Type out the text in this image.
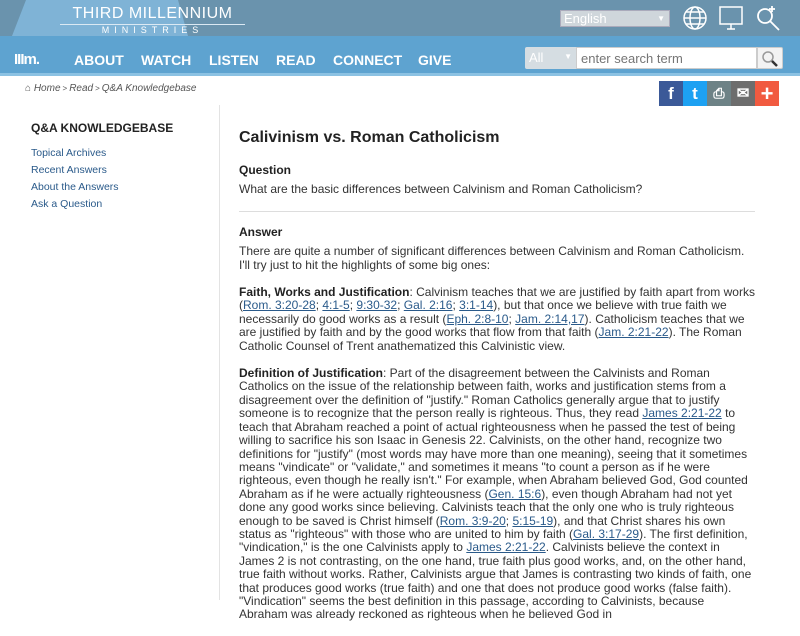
THIRD MILLENNIUM
MINISTRIES
English	▼
IIIm. ABOUT WATCH LISTEN READ CONNECT GIVE	All	▼
enter search term
⌂ Home > Read > Q&A Knowledgebase	f	t	⎙ ✉ +
Q&A KNOWLEDGEBASE
Topical Archives
Recent Answers
About the Answers
Ask a Question
Calivinism vs. Roman Catholicism
Question
What are the basic differences between Calvinism and Roman Catholicism?
Answer
There are quite a number of significant differences between Calvinism and Roman Catholicism. I'll try just to hit the highlights of some big ones:
Faith, Works and Justification: Calvinism teaches that we are justified by faith apart from works (Rom. 3:20-28; 4:1-5; 9:30-32; Gal. 2:16; 3:1-14), but that once we believe with true faith we necessarily do good works as a result (Eph. 2:8-10; Jam. 2:14,17). Catholicism teaches that we are justified by faith and by the good works that flow from that faith (Jam. 2:21-22). The Roman Catholic Counsel of Trent anathematized this Calvinistic view.
Definition of Justification: Part of the disagreement between the Calvinists and Roman Catholics on the issue of the relationship between faith, works and justification stems from a disagreement over the definition of "justify." Roman Catholics generally argue that to justify someone is to recognize that the person really is righteous. Thus, they read James 2:21-22 to teach that Abraham reached a point of actual righteousness when he passed the test of being willing to sacrifice his son Isaac in Genesis 22. Calvinists, on the other hand, recognize two definitions for "justify" (most words may have more than one meaning), seeing that it sometimes means "vindicate" or "validate," and sometimes it means "to count a person as if he were righteous, even though he really isn't." For example, when Abraham believed God, God counted Abraham as if he were actually righteousness (Gen. 15:6), even though Abraham had not yet done any good works since believing. Calvinists teach that the only one who is truly righteous enough to be saved is Christ himself (Rom. 3:9-20; 5:15-19), and that Christ shares his own status as "righteous" with those who are united to him by faith (Gal. 3:17-29). The first definition, "vindication," is the one Calvinists apply to James 2:21-22. Calvinists believe the context in James 2 is not contrasting, on the one hand, true faith plus good works, and, on the other hand, true faith without works. Rather, Calvinists argue that James is contrasting two kinds of faith, one that produces good works (true faith) and one that does not produce good works (false faith). "Vindication" seems the best definition in this passage, according to Calvinists, because Abraham was already reckoned as righteous when he believed God in
